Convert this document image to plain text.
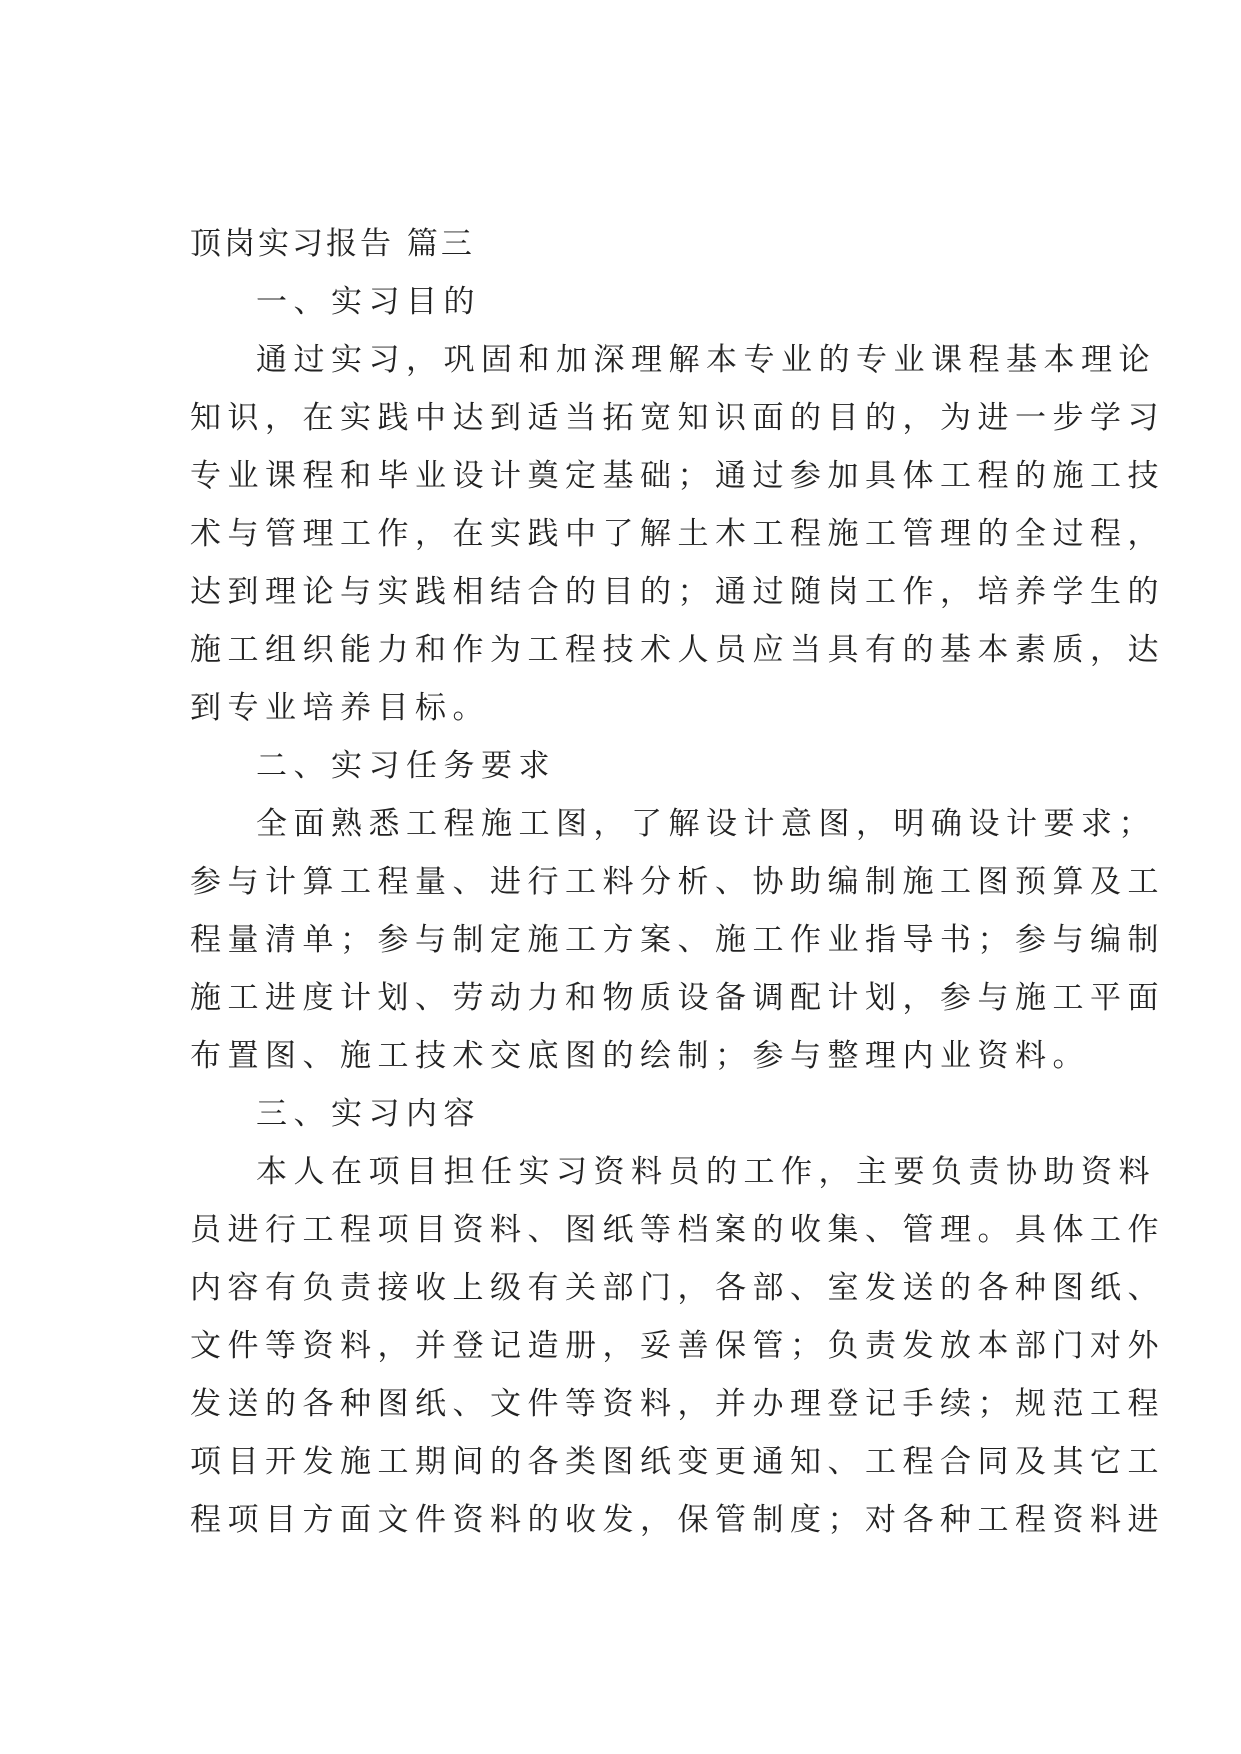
顶岗实习报告 篇三
一、实习目的
通过实习，巩固和加深理解本专业的专业课程基本理论
知识，在实践中达到适当拓宽知识面的目的，为进一步学习
专业课程和毕业设计奠定基础；通过参加具体工程的施工技
术与管理工作，在实践中了解土木工程施工管理的全过程，
达到理论与实践相结合的目的；通过随岗工作，培养学生的
施工组织能力和作为工程技术人员应当具有的基本素质，达
到专业培养目标。
二、实习任务要求
全面熟悉工程施工图，了解设计意图，明确设计要求；
参与计算工程量、进行工料分析、协助编制施工图预算及工
程量清单；参与制定施工方案、施工作业指导书；参与编制
施工进度计划、劳动力和物质设备调配计划，参与施工平面
布置图、施工技术交底图的绘制；参与整理内业资料。
三、实习内容
本人在项目担任实习资料员的工作，主要负责协助资料
员进行工程项目资料、图纸等档案的收集、管理。具体工作
内容有负责接收上级有关部门，各部、室发送的各种图纸、
文件等资料，并登记造册，妥善保管；负责发放本部门对外
发送的各种图纸、文件等资料，并办理登记手续；规范工程
项目开发施工期间的各类图纸变更通知、工程合同及其它工
程项目方面文件资料的收发，保管制度；对各种工程资料进
